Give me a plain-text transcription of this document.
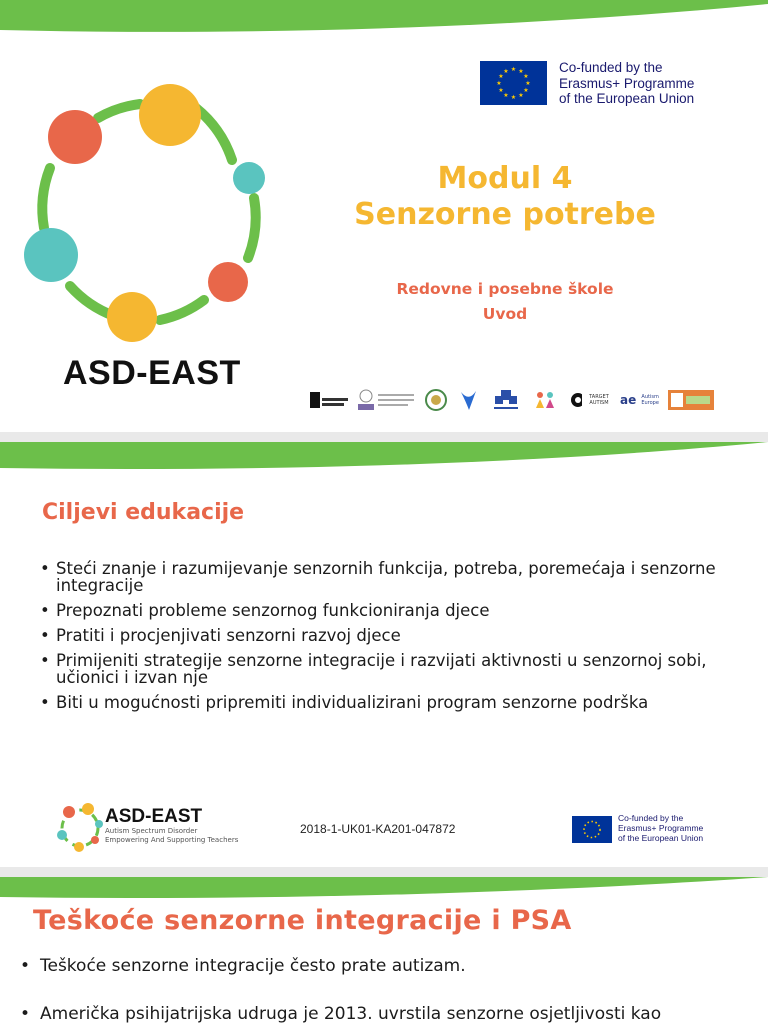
ASD-EAST
★ ★
★
★
★
★
★
★
★
★
★
★	Co-funded by the
Erasmus+ Programme
of the European Union
Modul 4
Senzorne potrebe
Redovne i posebne škole
Uvod
TARGET AUTISM ae	Autism Europe
Ciljevi edukacije
• Steći znanje i razumijevanje senzornih funkcija, potreba, poremećaja i senzorne integracije
• Prepoznati probleme senzornog funkcioniranja djece
• Pratiti i procjenjivati senzorni razvoj djece
• Primijeniti strategije senzorne integracije i razvijati aktivnosti u senzornoj sobi, učionici i izvan nje
• Biti u mogućnosti pripremiti individualizirani program senzorne podrška
ASD-EAST
Autism Spectrum Disorder
Empowering And Supporting Teachers
2018-1-UK01-KA201-047872
Co-funded by the
Erasmus+ Programme
of the European Union
Teškoće senzorne integracije i PSA
• Teškoće senzorne integracije često prate autizam.
• Američka psihijatrijska udruga je 2013. uvrstila senzorne osjetljivosti kao
